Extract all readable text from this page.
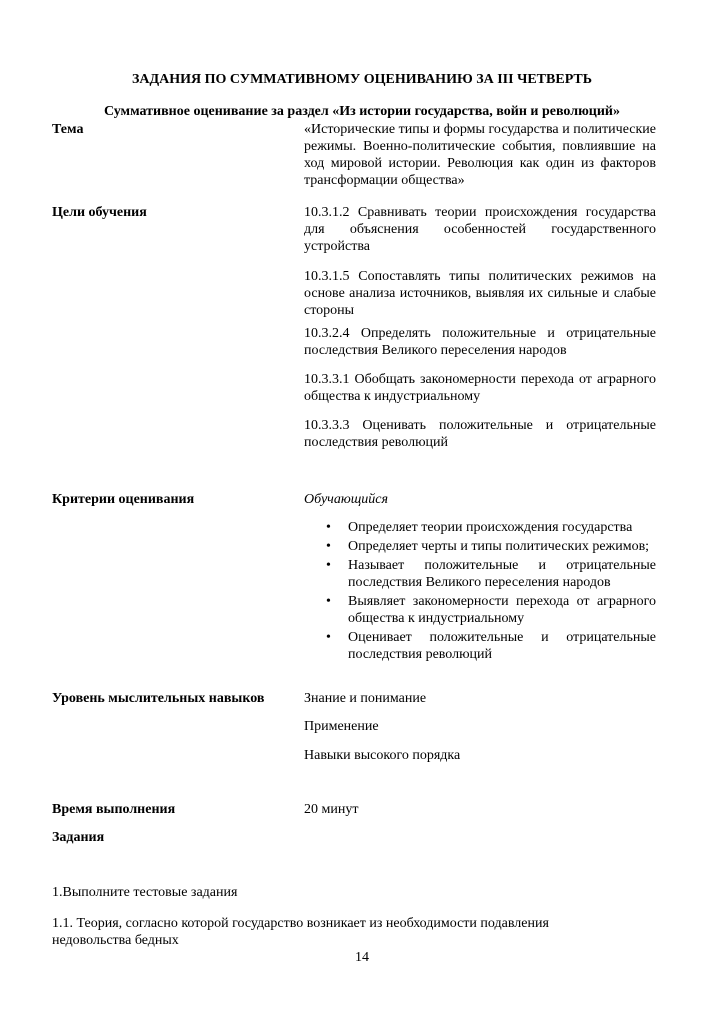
ЗАДАНИЯ ПО СУММАТИВНОМУ ОЦЕНИВАНИЮ ЗА III ЧЕТВЕРТЬ
Суммативное оценивание за раздел «Из истории государства, войн и революций»
Тема	«Исторические типы и формы государства и политические режимы. Военно-политические события, повлиявшие на ход мировой истории. Революция как один из факторов трансформации общества»
Цели обучения	10.3.1.2 Сравнивать теории происхождения государства для объяснения особенностей государственного устройства
10.3.1.5 Сопоставлять типы политических режимов на основе анализа источников, выявляя их сильные и слабые стороны
10.3.2.4 Определять положительные и отрицательные последствия Великого переселения народов
10.3.3.1 Обобщать закономерности перехода от аграрного общества к индустриальному
10.3.3.3 Оценивать положительные и отрицательные последствия революций
Критерии оценивания	Обучающийся
• Определяет теории происхождения государства
• Определяет черты и типы политических режимов;
• Называет положительные и отрицательные последствия Великого переселения народов
• Выявляет закономерности перехода от аграрного общества к индустриальному
• Оценивает положительные и отрицательные последствия революций
Уровень мыслительных навыков	Знание и понимание
Применение
Навыки высокого порядка
Время выполнения	20 минут
Задания
1.Выполните тестовые задания
1.1. Теория, согласно которой государство возникает из необходимости подавления недовольства бедных
14
